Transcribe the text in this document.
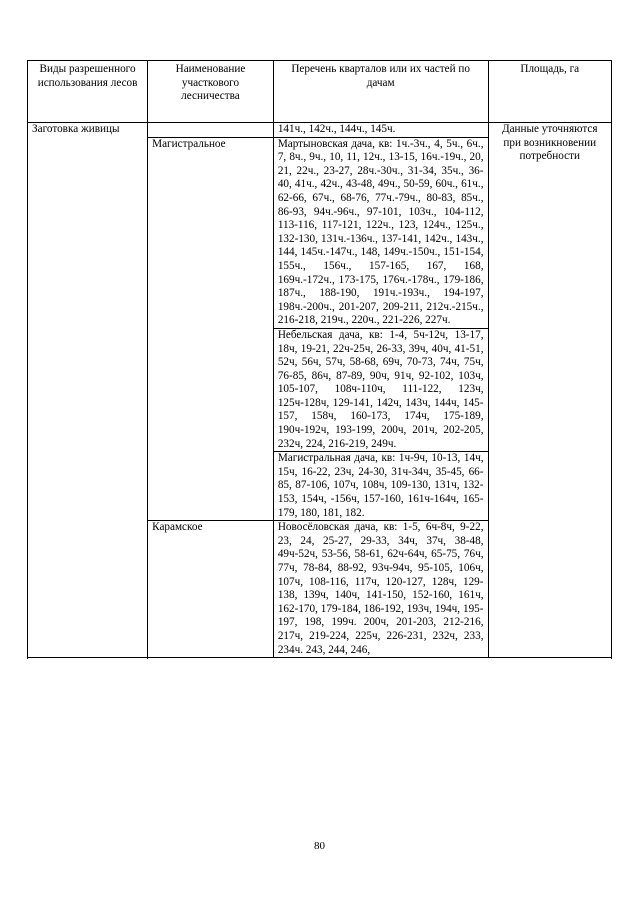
Виды разрешенного использования лесов	Наименование участкового лесничества	Перечень кварталов или их частей по дачам	Площадь, га
Заготовка живицы		141ч., 142ч., 144ч., 145ч.	Данные уточняются при возникновении потребности
	Магистральное	Мартыновская дача, кв: 1ч.-3ч., 4, 5ч., 6ч., 7, 8ч., 9ч., 10, 11, 12ч., 13-15, 16ч.-19ч., 20, 21, 22ч., 23-27, 28ч.-30ч., 31-34, 35ч., 36-40, 41ч., 42ч., 43-48, 49ч., 50-59, 60ч., 61ч., 62-66, 67ч., 68-76, 77ч.-79ч., 80-83, 85ч., 86-93, 94ч.-96ч., 97-101, 103ч., 104-112, 113-116, 117-121, 122ч., 123, 124ч., 125ч., 132-130, 131ч.-136ч., 137-141, 142ч., 143ч., 144, 145ч.-147ч., 148, 149ч.-150ч., 151-154, 155ч., 156ч., 157-165, 167, 168, 169ч.-172ч., 173-175, 176ч.-178ч., 179-186, 187ч., 188-190, 191ч.-193ч., 194-197, 198ч.-200ч., 201-207, 209-211, 212ч.-215ч., 216-218, 219ч., 220ч., 221-226, 227ч.	
		Небельская дача, кв: 1-4, 5ч-12ч, 13-17, 18ч, 19-21, 22ч-25ч, 26-33, 39ч, 40ч, 41-51, 52ч, 56ч, 57ч, 58-68, 69ч, 70-73, 74ч, 75ч, 76-85, 86ч, 87-89, 90ч, 91ч, 92-102, 103ч, 105-107, 108ч-110ч, 111-122, 123ч, 125ч-128ч, 129-141, 142ч, 143ч, 144ч, 145-157, 158ч, 160-173, 174ч, 175-189, 190ч-192ч, 193-199, 200ч, 201ч, 202-205, 232ч, 224, 216-219, 249ч.	
		Магистральная дача, кв: 1ч-9ч, 10-13, 14ч, 15ч, 16-22, 23ч, 24-30, 31ч-34ч, 35-45, 66-85, 87-106, 107ч, 108ч, 109-130, 131ч, 132-153, 154ч, -156ч, 157-160, 161ч-164ч, 165-179, 180, 181, 182.	
	Карамское	Новосёловская дача, кв: 1-5, 6ч-8ч, 9-22, 23, 24, 25-27, 29-33, 34ч, 37ч, 38-48, 49ч-52ч, 53-56, 58-61, 62ч-64ч, 65-75, 76ч, 77ч, 78-84, 88-92, 93ч-94ч, 95-105, 106ч, 107ч, 108-116, 117ч, 120-127, 128ч, 129-138, 139ч, 140ч, 141-150, 152-160, 161ч, 162-170, 179-184, 186-192, 193ч, 194ч, 195-197, 198, 199ч. 200ч, 201-203, 212-216, 217ч, 219-224, 225ч, 226-231, 232ч, 233, 234ч. 243, 244, 246,	

80
